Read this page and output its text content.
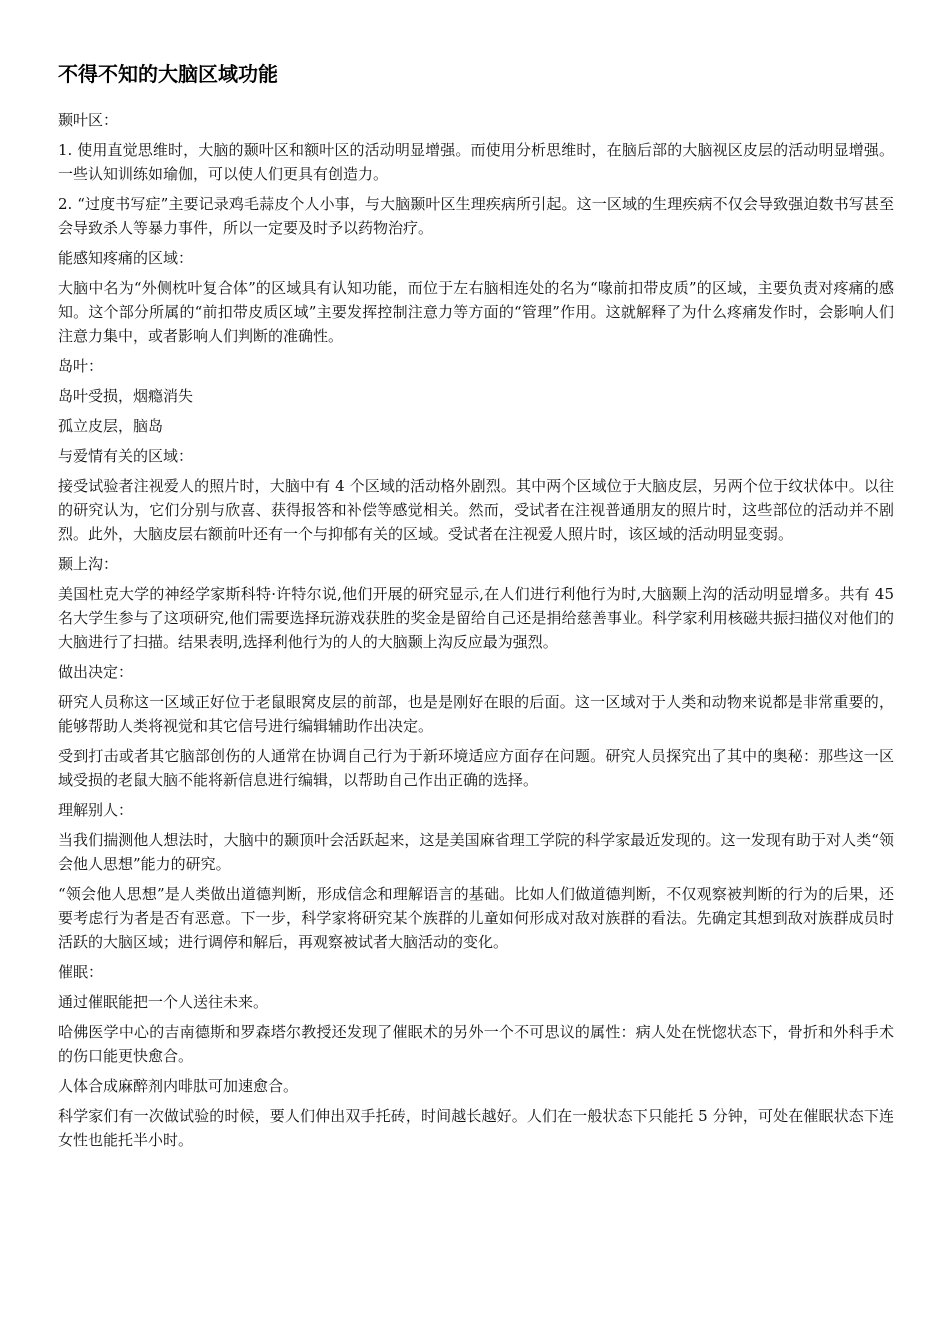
不得不知的大脑区域功能

颞叶区：

1. 使用直觉思维时，大脑的颞叶区和额叶区的活动明显增强。而使用分析思维时，在脑后部的大脑视区皮层的活动明显增强。一些认知训练如瑜伽，可以使人们更具有创造力。

2. “过度书写症”主要记录鸡毛蒜皮个人小事，与大脑颞叶区生理疾病所引起。这一区域的生理疾病不仅会导致强迫数书写甚至会导致杀人等暴力事件，所以一定要及时予以药物治疗。

能感知疼痛的区域：

大脑中名为“外侧枕叶复合体”的区域具有认知功能，而位于左右脑相连处的名为“喙前扣带皮质”的区域，主要负责对疼痛的感知。这个部分所属的“前扣带皮质区域”主要发挥控制注意力等方面的“管理”作用。这就解释了为什么疼痛发作时，会影响人们注意力集中，或者影响人们判断的准确性。

岛叶：

岛叶受损，烟瘾消失

孤立皮层，脑岛

与爱情有关的区域：

接受试验者注视爱人的照片时，大脑中有 4 个区域的活动格外剧烈。其中两个区域位于大脑皮层，另两个位于纹状体中。以往的研究认为，它们分别与欣喜、获得报答和补偿等感觉相关。然而，受试者在注视普通朋友的照片时，这些部位的活动并不剧烈。此外，大脑皮层右额前叶还有一个与抑郁有关的区域。受试者在注视爱人照片时，该区域的活动明显变弱。

颞上沟：

美国杜克大学的神经学家斯科特·许特尔说,他们开展的研究显示,在人们进行利他行为时,大脑颞上沟的活动明显增多。共有 45 名大学生参与了这项研究,他们需要选择玩游戏获胜的奖金是留给自己还是捐给慈善事业。科学家利用核磁共振扫描仪对他们的大脑进行了扫描。结果表明,选择利他行为的人的大脑颞上沟反应最为强烈。

做出决定：

研究人员称这一区域正好位于老鼠眼窝皮层的前部，也是是刚好在眼的后面。这一区域对于人类和动物来说都是非常重要的，能够帮助人类将视觉和其它信号进行编辑辅助作出决定。

受到打击或者其它脑部创伤的人通常在协调自己行为于新环境适应方面存在问题。研究人员探究出了其中的奥秘：那些这一区域受损的老鼠大脑不能将新信息进行编辑，以帮助自己作出正确的选择。

理解别人：

当我们揣测他人想法时，大脑中的颞顶叶会活跃起来，这是美国麻省理工学院的科学家最近发现的。这一发现有助于对人类“领会他人思想”能力的研究。

“领会他人思想”是人类做出道德判断，形成信念和理解语言的基础。比如人们做道德判断，不仅观察被判断的行为的后果，还要考虑行为者是否有恶意。下一步，科学家将研究某个族群的儿童如何形成对敌对族群的看法。先确定其想到敌对族群成员时活跃的大脑区域；进行调停和解后，再观察被试者大脑活动的变化。

催眠：

通过催眠能把一个人送往未来。

哈佛医学中心的吉南德斯和罗森塔尔教授还发现了催眠术的另外一个不可思议的属性：病人处在恍惚状态下，骨折和外科手术的伤口能更快愈合。

人体合成麻醉剂内啡肽可加速愈合。

科学家们有一次做试验的时候，要人们伸出双手托砖，时间越长越好。人们在一般状态下只能托 5 分钟，可处在催眠状态下连女性也能托半小时。
